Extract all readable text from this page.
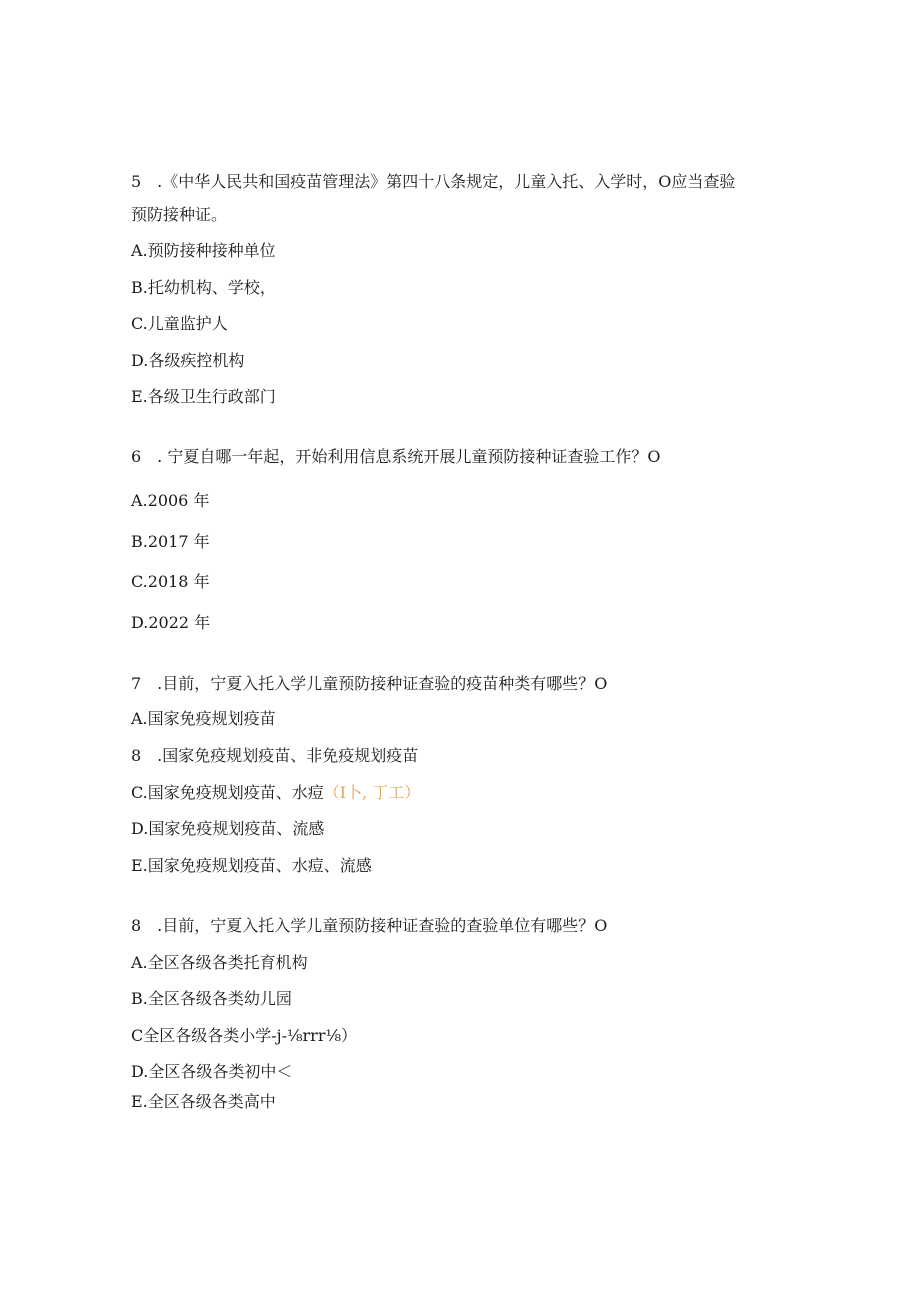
5　.《中华人民共和国疫苗管理法》第四十八条规定，儿童入托、入学时，O应当查验
预防接种证。
A.预防接种接种单位
B.托幼机构、学校，
C.儿童监护人
D.各级疾控机构
E.各级卫生行政部门
6　. 宁夏自哪一年起，开始利用信息系统开展儿童预防接种证查验工作？O
A.2006 年
B.2017 年
C.2018 年
D.2022 年
7　.目前，宁夏入托入学儿童预防接种证查验的疫苗种类有哪些？O
A.国家免疫规划疫苗
8　.国家免疫规划疫苗、非免疫规划疫苗
C.国家免疫规划疫苗、水痘（I卜, 丁工）
D.国家免疫规划疫苗、流感
E.国家免疫规划疫苗、水痘、流感
8　.目前，宁夏入托入学儿童预防接种证查验的查验单位有哪些？O
A.全区各级各类托育机构
B.全区各级各类幼儿园
C全区各级各类小学-j-⅛rrr⅛）
D.全区各级各类初中＜
E.全区各级各类高中
